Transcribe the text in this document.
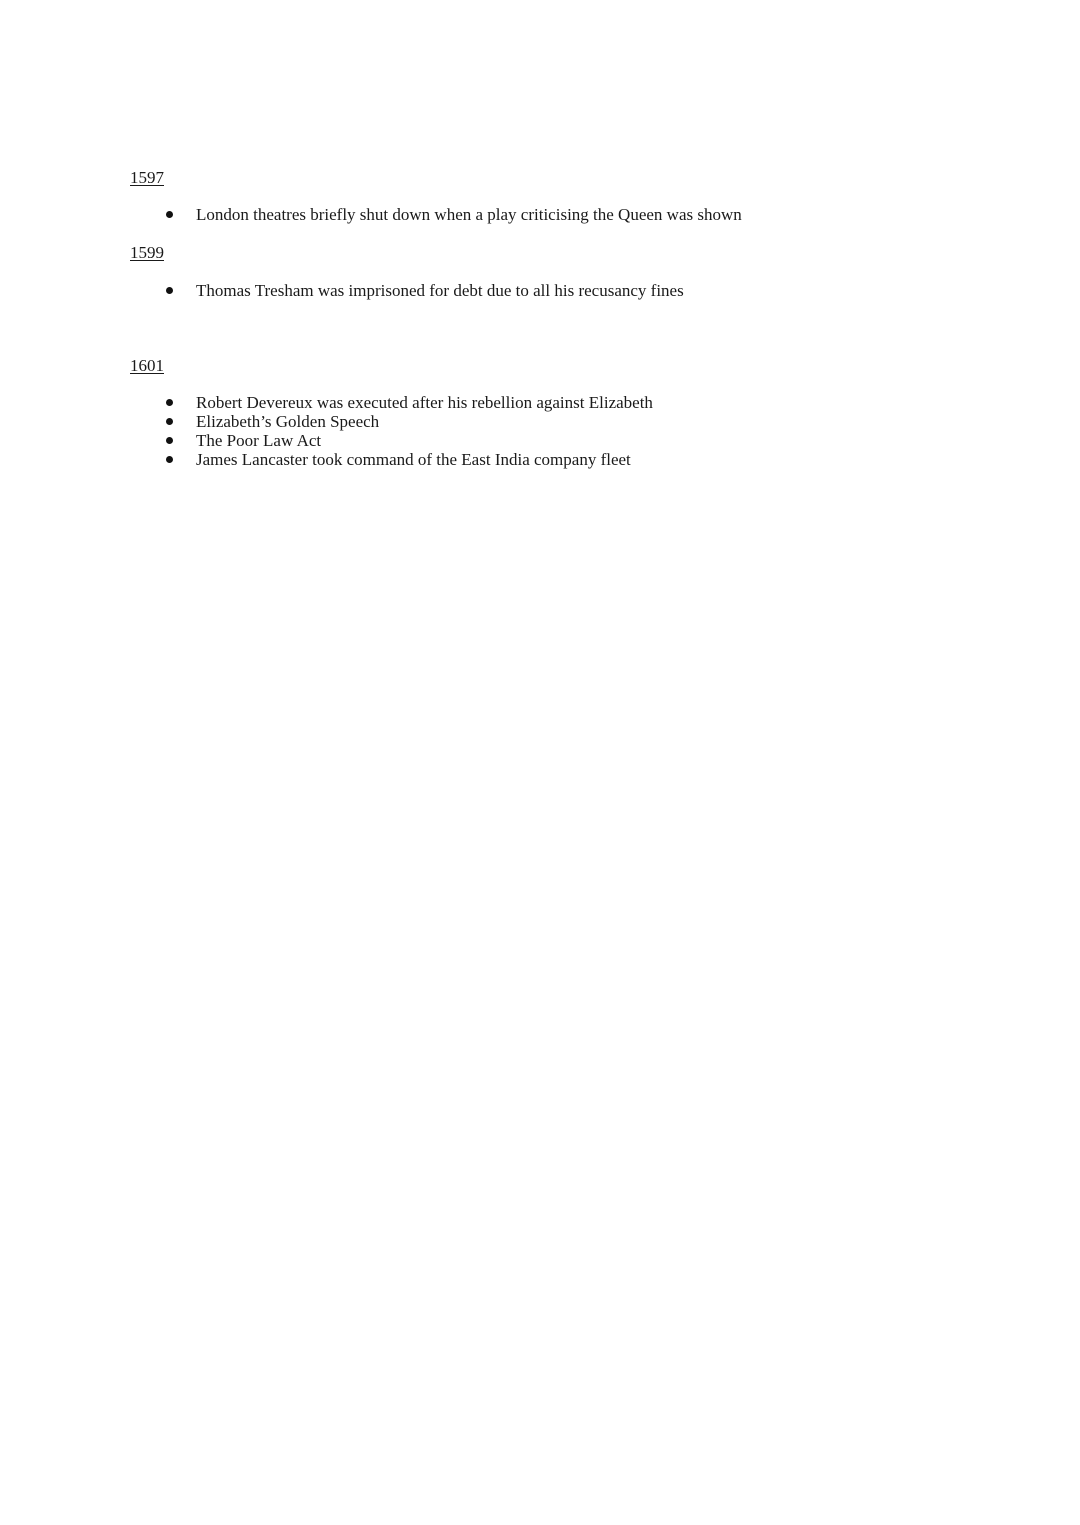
1597

London theatres briefly shut down when a play criticising the Queen was shown

1599

Thomas Tresham was imprisoned for debt due to all his recusancy fines

1601

Robert Devereux was executed after his rebellion against Elizabeth
Elizabeth’s Golden Speech
The Poor Law Act
James Lancaster took command of the East India company fleet
